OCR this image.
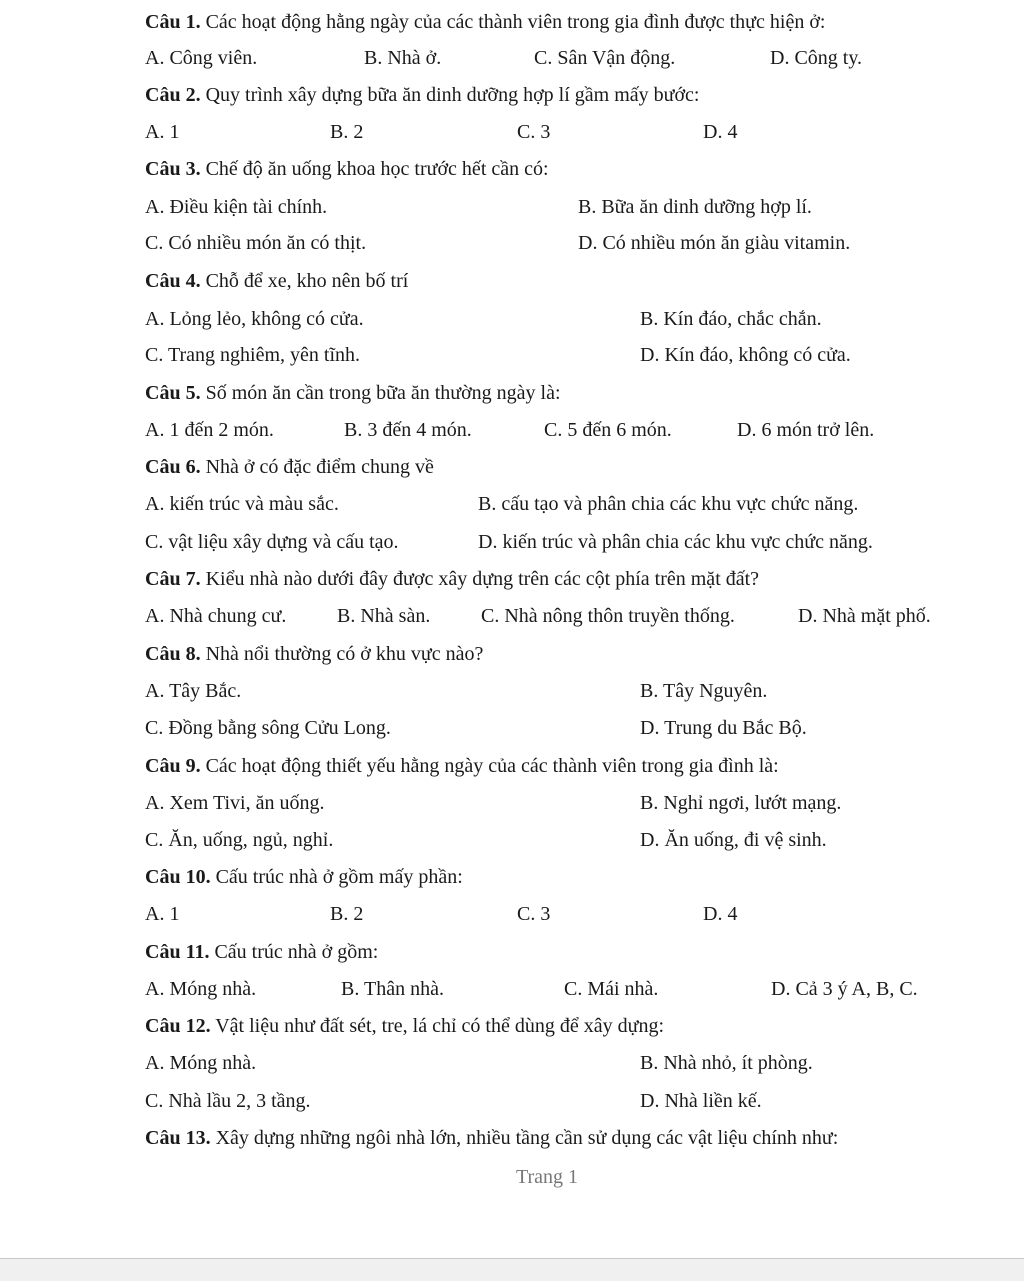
Câu 1. Các hoạt động hằng ngày của các thành viên trong gia đình được thực hiện ở:
A. Công viên.	B. Nhà ở.	C. Sân Vận động.	D. Công ty.
Câu 2. Quy trình xây dựng bữa ăn dinh dưỡng hợp lí gầm mấy bước:
A. 1	B. 2	C. 3	D. 4
Câu 3. Chế độ ăn uống khoa học trước hết cần có:
A. Điều kiện tài chính.	B. Bữa ăn dinh dưỡng hợp lí.
C. Có nhiều món ăn có thịt.	D. Có nhiều món ăn giàu vitamin.
Câu 4. Chỗ để xe, kho nên bố trí
A. Lỏng lẻo, không có cửa.	B. Kín đáo, chắc chắn.
C. Trang nghiêm, yên tĩnh.	D. Kín đáo, không có cửa.
Câu 5. Số món ăn cần trong bữa ăn thường ngày là:
A. 1 đến 2 món.	B. 3 đến 4 món.	C. 5 đến 6 món.	D. 6 món trở lên.
Câu 6. Nhà ở có đặc điểm chung về
A. kiến trúc và màu sắc.	B. cấu tạo và phân chia các khu vực chức năng.
C. vật liệu xây dựng và cấu tạo.	D. kiến trúc và phân chia các khu vực chức năng.
Câu 7. Kiểu nhà nào dưới đây được xây dựng trên các cột phía trên mặt đất?
A. Nhà chung cư.	B. Nhà sàn.	C. Nhà nông thôn truyền thống.	D. Nhà mặt phố.
Câu 8. Nhà nổi thường có ở khu vực nào?
A. Tây Bắc.	B. Tây Nguyên.
C. Đồng bằng sông Cửu Long.	D. Trung du Bắc Bộ.
Câu 9. Các hoạt động thiết yếu hằng ngày của các thành viên trong gia đình là:
A. Xem Tivi, ăn uống.	B. Nghỉ ngơi, lướt mạng.
C. Ăn, uống, ngủ, nghỉ.	D. Ăn uống, đi vệ sinh.
Câu 10. Cấu trúc nhà ở gồm mấy phần:
A. 1	B. 2	C. 3	D. 4
Câu 11. Cấu trúc nhà ở gồm:
A. Móng nhà.	B. Thân nhà.	C. Mái nhà.	D. Cả 3 ý A, B, C.
Câu 12. Vật liệu như đất sét, tre, lá chỉ có thể dùng để xây dựng:
A. Móng nhà.	B. Nhà nhỏ, ít phòng.
C. Nhà lầu 2, 3 tầng.	D. Nhà liền kế.
Câu 13. Xây dựng những ngôi nhà lớn, nhiều tầng cần sử dụng các vật liệu chính như:
Trang 1
